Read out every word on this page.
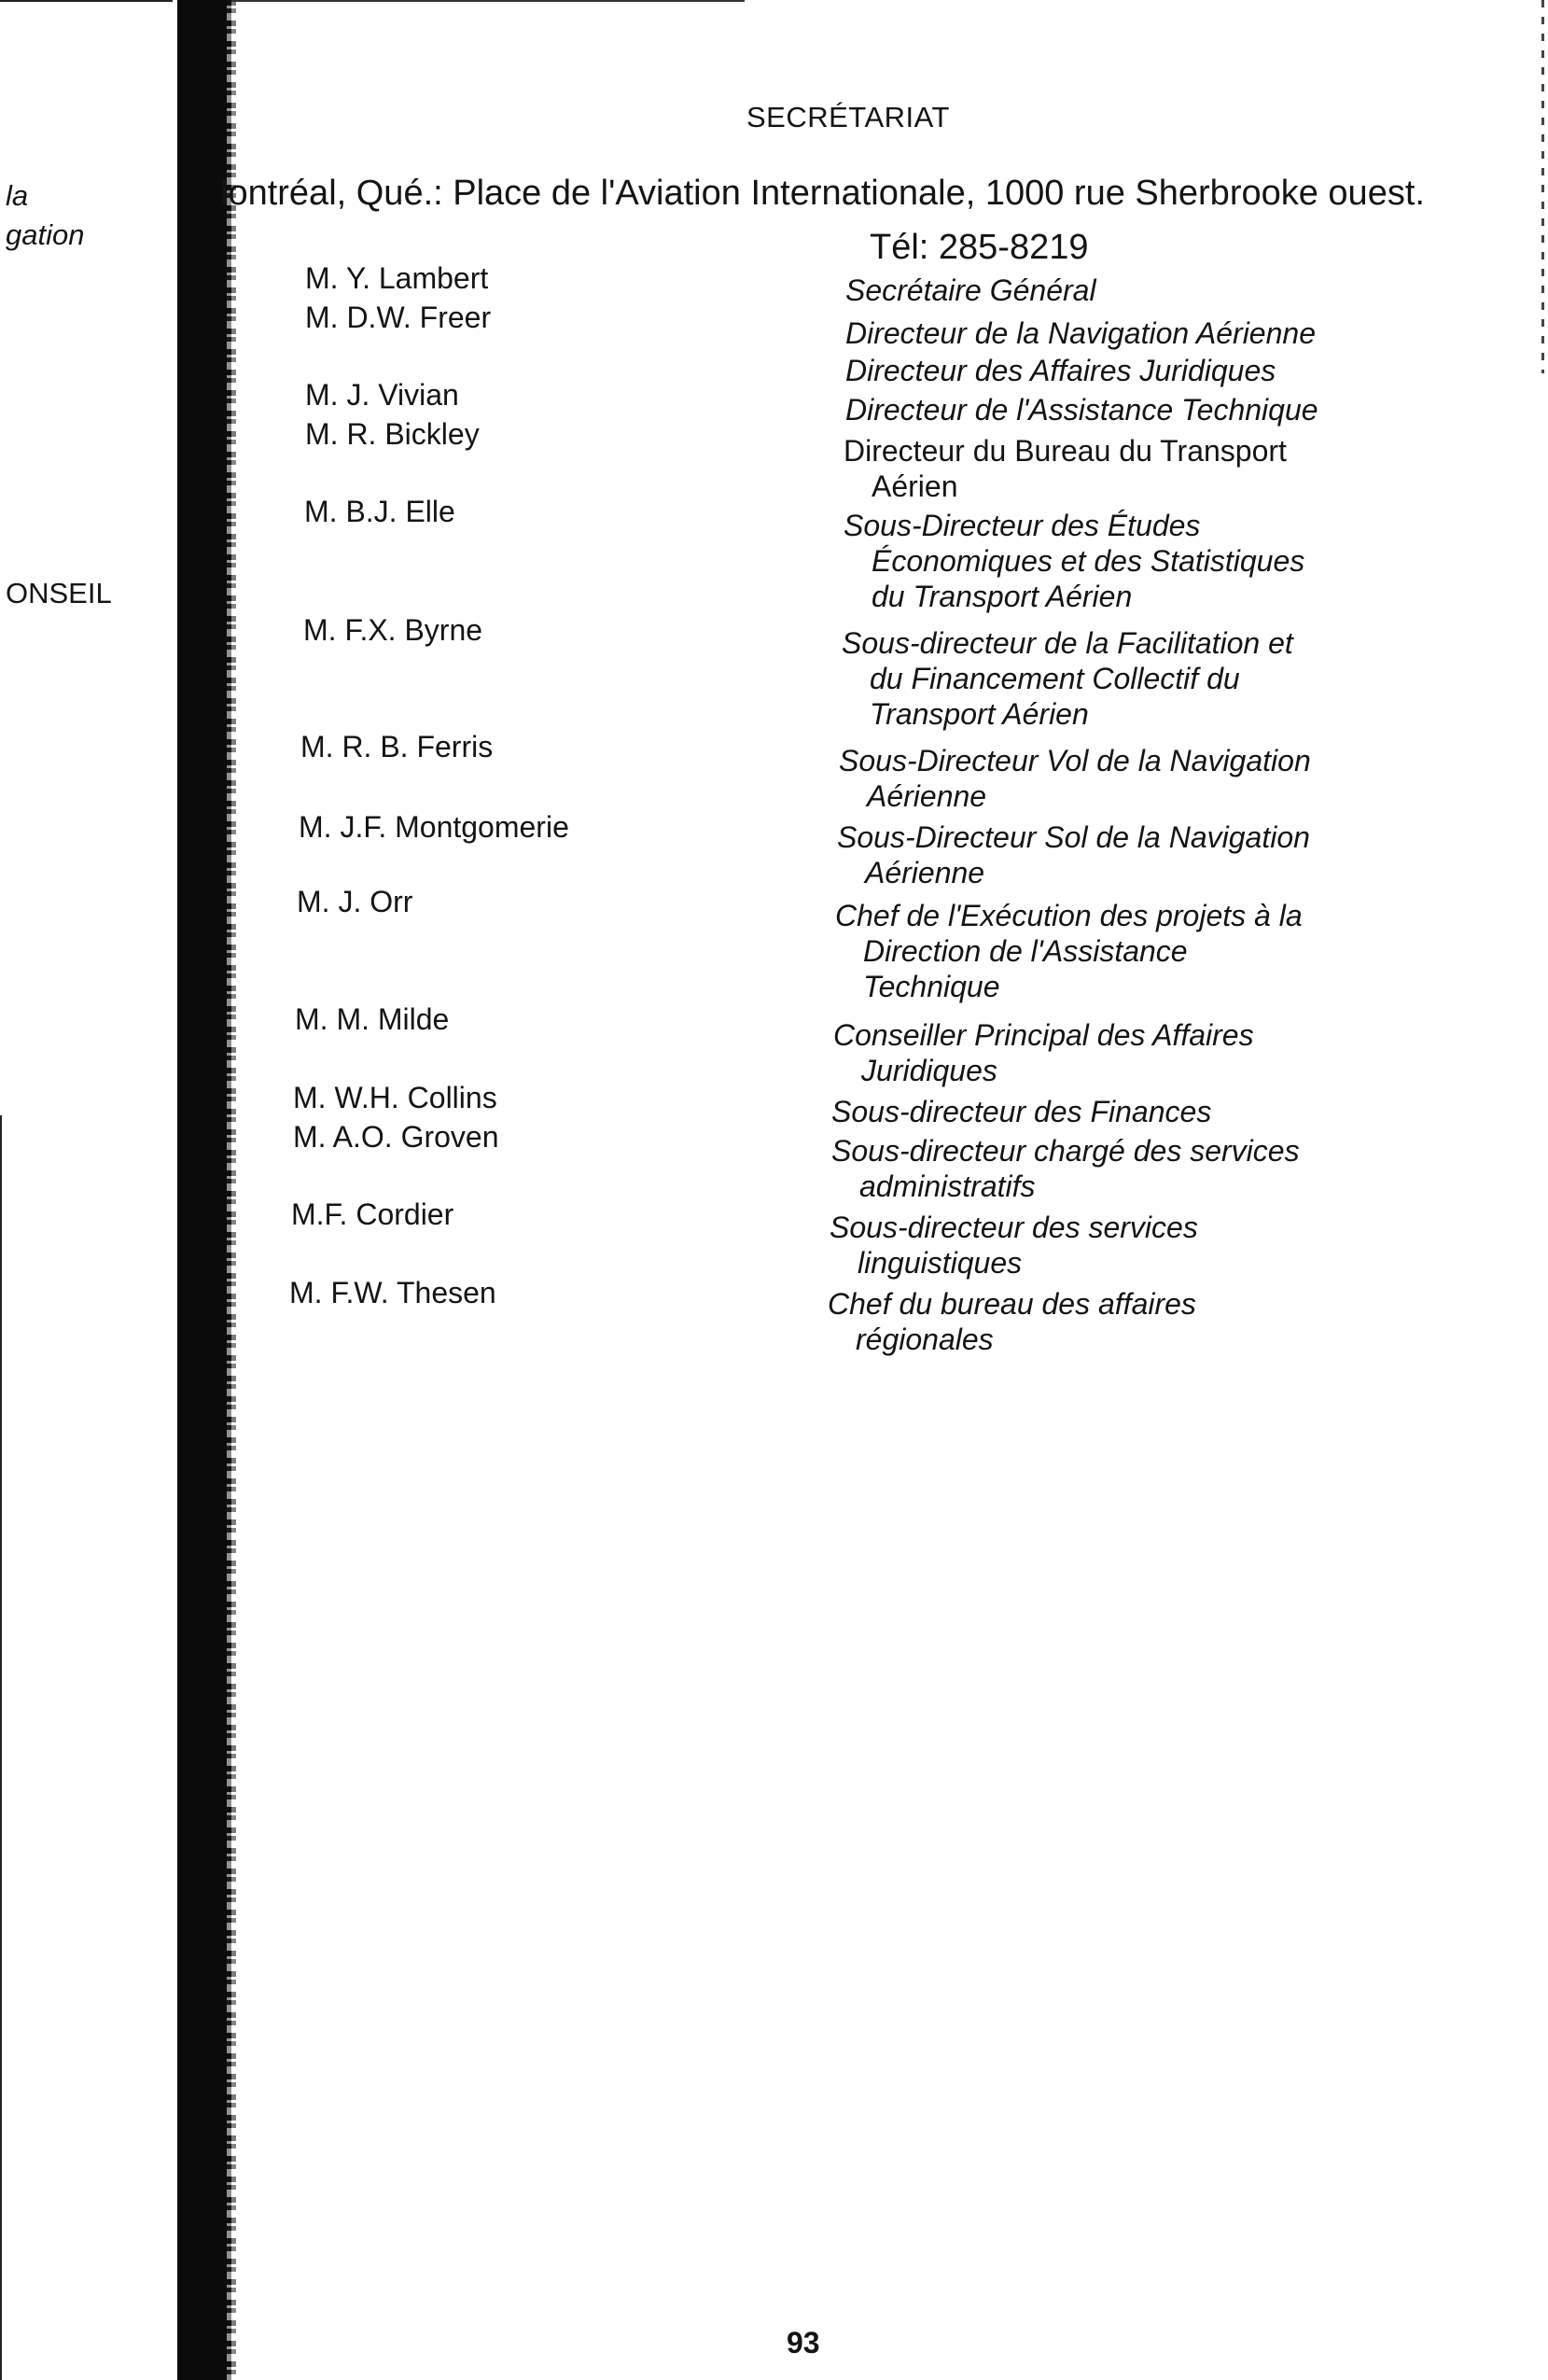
la
gation
ONSEIL
SECRÉTARIAT
lontréal, Qué.: Place de l'Aviation Internationale, 1000 rue Sherbrooke ouest.
Tél: 285-8219
M. Y. Lambert
M. D.W. Freer
M. J. Vivian
M. R. Bickley
M. B.J. Elle
M. F.X. Byrne
M. R. B. Ferris
M. J.F. Montgomerie
M. J. Orr
M. M. Milde
M. W.H. Collins
M. A.O. Groven
M.F. Cordier
M. F.W. Thesen
Secrétaire Général
Directeur de la Navigation Aérienne
Directeur des Affaires Juridiques
Directeur de l'Assistance Technique
Directeur du Bureau du Transport
Aérien
Sous-Directeur des Études
Économiques et des Statistiques
du Transport Aérien
Sous-directeur de la Facilitation et
du Financement Collectif du
Transport Aérien
Sous-Directeur Vol de la Navigation
Aérienne
Sous-Directeur Sol de la Navigation
Aérienne
Chef de l'Exécution des projets à la
Direction de l'Assistance
Technique
Conseiller Principal des Affaires
Juridiques
Sous-directeur des Finances
Sous-directeur chargé des services
administratifs
Sous-directeur des services
linguistiques
Chef du bureau des affaires
régionales
93
